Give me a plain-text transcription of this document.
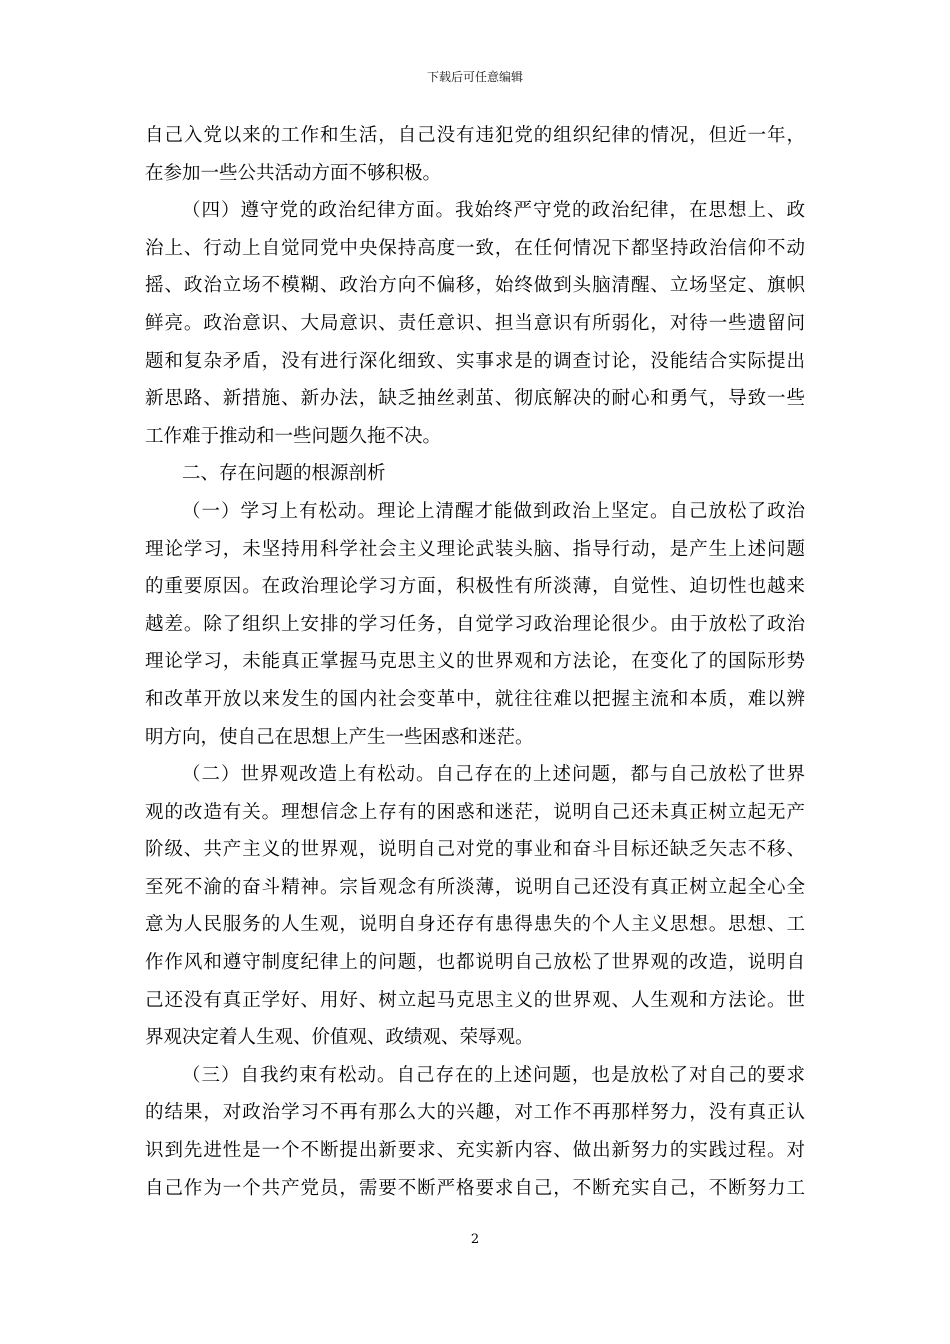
下载后可任意编辑
自己入党以来的工作和生活，自己没有违犯党的组织纪律的情况，但近一年，
在参加一些公共活动方面不够积极。
（四）遵守党的政治纪律方面。我始终严守党的政治纪律，在思想上、政
治上、行动上自觉同党中央保持高度一致，在任何情况下都坚持政治信仰不动
摇、政治立场不模糊、政治方向不偏移，始终做到头脑清醒、立场坚定、旗帜
鲜亮。政治意识、大局意识、责任意识、担当意识有所弱化，对待一些遗留问
题和复杂矛盾，没有进行深化细致、实事求是的调查讨论，没能结合实际提出
新思路、新措施、新办法，缺乏抽丝剥茧、彻底解决的耐心和勇气，导致一些
工作难于推动和一些问题久拖不决。
二、存在问题的根源剖析
（一）学习上有松动。理论上清醒才能做到政治上坚定。自己放松了政治
理论学习，未坚持用科学社会主义理论武装头脑、指导行动，是产生上述问题
的重要原因。在政治理论学习方面，积极性有所淡薄，自觉性、迫切性也越来
越差。除了组织上安排的学习任务，自觉学习政治理论很少。由于放松了政治
理论学习，未能真正掌握马克思主义的世界观和方法论，在变化了的国际形势
和改革开放以来发生的国内社会变革中，就往往难以把握主流和本质，难以辨
明方向，使自己在思想上产生一些困惑和迷茫。
（二）世界观改造上有松动。自己存在的上述问题，都与自己放松了世界
观的改造有关。理想信念上存有的困惑和迷茫，说明自己还未真正树立起无产
阶级、共产主义的世界观，说明自己对党的事业和奋斗目标还缺乏矢志不移、
至死不渝的奋斗精神。宗旨观念有所淡薄，说明自己还没有真正树立起全心全
意为人民服务的人生观，说明自身还存有患得患失的个人主义思想。思想、工
作作风和遵守制度纪律上的问题，也都说明自己放松了世界观的改造，说明自
己还没有真正学好、用好、树立起马克思主义的世界观、人生观和方法论。世
界观决定着人生观、价值观、政绩观、荣辱观。
（三）自我约束有松动。自己存在的上述问题，也是放松了对自己的要求
的结果，对政治学习不再有那么大的兴趣，对工作不再那样努力，没有真正认
识到先进性是一个不断提出新要求、充实新内容、做出新努力的实践过程。对
自己作为一个共产党员，需要不断严格要求自己，不断充实自己，不断努力工
2
